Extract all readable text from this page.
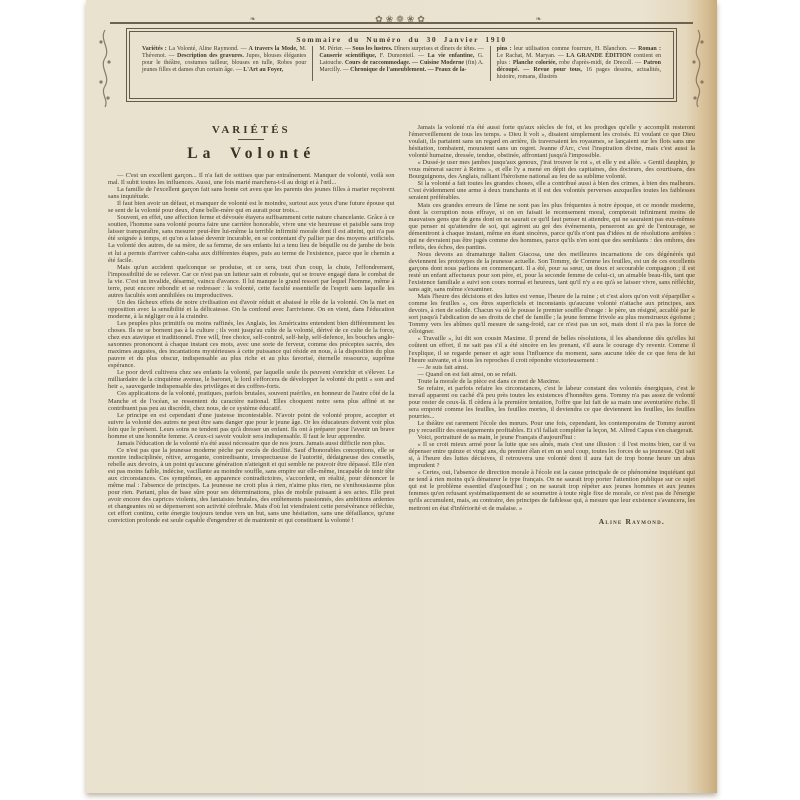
✿❀❁❀✿
❧	❧
Sommaire du Numéro du 30 Janvier 1910
Variétés : La Volonté, Aline Raymond. — A travers la Mode, M. Thévenot. — Description des gravures. Jupes, blouses élégantes pour le théâtre, costumes tailleur, blouses en tulle, Robes pour jeunes filles et dames d'un certain âge. — L'Art au Foyer,
M. Périer. — Sous les lustres. Dîners surprises et dîners de têtes. — Causerie scientifique, F. Dumonteil. — La vie enfantine, G. Latouche. Cours de raccommodage. — Cuisine Moderne (fin) A. Marcilly. — Chronique de l'ameublement. — Peaux de la-
pins : leur utilisation comme fourrure, H. Blanchon. — Roman : Le Rachat, M. Maryan. — LA GRANDE ÉDITION contient en plus : Planche coloriée, robe d'après-midi, de Drecoll. — Patron découpé. — Revue pour tous, 16 pages dessins, actualités, histoire, romans, illustrés
VARIÉTÉS
La Volonté

— C'est un excellent garçon... Il n'a fait de sottises que par entraînement. Manquer de volonté, voilà son mal. Il subit toutes les influences. Aussi, une fois marié marchera-t-il au doigt et à l'œil...

La famille de l'excellent garçon fait sans honte cet aveu que les parents des jeunes filles à marier reçoivent sans inquiétude.

Il faut bien avoir un défaut, et manquer de volonté est le moindre, surtout aux yeux d'une future épouse qui se sent de la volonté pour deux, d'une belle-mère qui en aurait pour trois...

Souvent, en effet, une affection ferme et dévouée étayera suffisamment cette nature chancelante. Grâce à ce soutien, l'homme sans volonté pourra faire une carrière honorable, vivre une vie heureuse et paisible sans trop laisser transparaître, sans mesurer peut-être lui-même la terrible infirmité morale dont il est atteint, qui n'a pas été soignée à temps, et qu'on a laissé devenir incurable, en se contentant d'y pallier par des moyens artificiels. La volonté des autres, de sa mère, de sa femme, de ses enfants lui a tenu lieu de béquille ou de jambe de bois et lui a permis d'arriver cahin-caha aux différentes étapes, puis au terme de l'existence, parce que le chemin a été facile.

Mais qu'un accident quelconque se produise, et ce sera, tout d'un coup, la chute, l'effondrement, l'impossibilité de se relever. Car ce n'est pas un lutteur sain et robuste, qui se trouve engagé dans le combat de la vie. C'est un invalide, désarmé, vaincu d'avance. Il lui manque le grand ressort par lequel l'homme, même à terre, peut encore rebondir et se redresser : la volonté, cette faculté essentielle de l'esprit sans laquelle les autres facultés sont annihilées ou improductives.

Un des fâcheux effets de notre civilisation est d'avoir réduit et abaissé le rôle de la volonté. On la met en opposition avec la sensibilité et la délicatesse. On la confond avec l'arrivisme. On en vient, dans l'éducation moderne, à la négliger ou à la craindre.

Les peuples plus primitifs ou moins raffinés, les Anglais, les Américains entendent bien différemment les choses. Ils ne se bornent pas à la culture ; ils vont jusqu'au culte de la volonté, dérivé de ce culte de la force, chez eux atavique et traditionnel. Free will, free choice, self-control, self-help, self-defence, les bouches anglo-saxonnes prononcent à chaque instant ces mots, avec une sorte de ferveur, comme des préceptes sacrés, des maximes augustes, des incantations mystérieuses à cette puissance qui réside en nous, à la disposition du plus pauvre et du plus obscur, indispensable au plus riche et au plus favorisé, éternelle ressource, suprême espérance.

Le poor devil cultivera chez ses enfants la volonté, par laquelle seule ils peuvent s'enrichir et s'élever. Le milliardaire de la cinquième avenue, le baronet, le lord s'efforcera de développer la volonté du petit « son and heir », sauvegarde indispensable des privilèges et des coffres-forts.

Ces applications de la volonté, pratiques, parfois brutales, souvent puériles, en honneur de l'autre côté de la Manche et de l'océan, se ressentent du caractère national. Elles choquent notre sens plus affiné et ne contribuent pas peu au discrédit, chez nous, de ce système éducatif.

Le principe en est cependant d'une justesse incontestable. N'avoir point de volonté propre, accepter et suivre la volonté des autres ne peut être sans danger que pour le jeune âge. Or les éducateurs doivent voir plus loin que le présent. Leurs soins ne tendent pas qu'à dresser un enfant. Ils ont à préparer pour l'avenir un brave homme et une honnête femme. A ceux-ci savoir vouloir sera indispensable. Il faut le leur apprendre.

Jamais l'éducation de la volonté n'a été aussi nécessaire que de nos jours. Jamais aussi difficile non plus.

Ce n'est pas que la jeunesse moderne pèche par excès de docilité. Sauf d'honorables conceptions, elle se montre indisciplinée, rétive, arrogante, contredisante, irrespectueuse de l'autorité, dédaigneuse des conseils, rebelle aux devoirs, à un point qu'aucune génération n'atteignit et qui semble ne pouvoir être dépassé. Elle n'en est pas moins faible, indécise, vacillante au moindre souffle, sans empire sur elle-même, incapable de tenir tête aux circonstances. Ces symptômes, en apparence contradictoires, s'accordent, en réalité, pour dénoncer le même mal : l'absence de principes. La jeunesse ne croit plus à rien, n'aime plus rien, ne s'enthousiasme plus pour rien. Partant, plus de base sûre pour ses déterminations, plus de mobile puissant à ses actes. Elle peut avoir encore des caprices violents, des fantaisies brutales, des entêtements passionnés, des ambitions ardentes et changeantes où se dépenseront son activité cérébrale. Mais d'où lui viendraient cette persévérance réfléchie, cet effort continu, cette énergie toujours tendue vers un but, sans une hésitation, sans une défaillance, qu'une conviction profonde est seule capable d'engendrer et de maintenir et qui constituent la volonté !

Jamais la volonté n'a été aussi forte qu'aux siècles de foi, et les prodiges qu'elle y accomplit resteront l'émerveillement de tous les temps. « Dieu li volt », disaient simplement les croisés. Et voulant ce que Dieu voulait, ils partaient sans un regard en arrière, ils traversaient les royaumes, se lançaient sur les flots sans une hésitation, tombaient, mouraient sans un regret. Jeanne d'Arc, c'est l'inspiration divine, mais c'est aussi la volonté humaine, dressée, tendue, obstinée, affrontant jusqu'à l'impossible.

« Dussé-je user mes jambes jusqu'aux genoux, j'irai trouver le roi », et elle y est allée. « Gentil dauphin, je vous mènerai sacrer à Reims », et elle l'y a mené en dépit des capitaines, des docteurs, des courtisans, des Bourguignons, des Anglais, ralliant l'héroïsme national au feu de sa sublime volonté.

Si la volonté a fait toutes les grandes choses, elle a contribué aussi à bien des crimes, à bien des malheurs. C'est évidemment une arme à deux tranchants et il est des volontés perverses auxquelles toutes les faiblesses seraient préférables.

Mais ces grandes erreurs de l'âme ne sont pas les plus fréquentes à notre époque, et ce monde moderne, dont la corruption nous effraye, si on en faisait le recensement moral, compterait infiniment moins de mauvaises gens que de gens dont on ne saurait ce qu'il faut penser ni attendre, qui ne sauraient pas eux-mêmes que penser ni qu'attendre de soi, qui agiront au gré des événements, penseront au gré de l'entourage, se démentiront à chaque instant, même en étant sincères, parce qu'ils n'ont pas d'idées ni de résolutions arrêtées : qui ne devraient pas être jugés comme des hommes, parce qu'ils n'en sont que des semblants : des ombres, des reflets, des échos, des pantins.

Nous devons au dramaturge italien Giacosa, une des meilleures incarnations de ces dégénérés qui deviennent les prototypes de la jeunesse actuelle. Son Tommy, de Comme les feuilles, est un de ces excellents garçons dont nous parlions en commençant. Il a été, pour sa sœur, un doux et secourable compagnon ; il est resté un enfant affectueux pour son père, et, pour la seconde femme de celui-ci, un aimable beau-fils, tant que l'existence familiale a suivi son cours normal et heureux, tant qu'il n'y a eu qu'à se laisser vivre, sans réfléchir, sans agir, sans même s'examiner.

Mais l'heure des décisions et des luttes est venue, l'heure de la ruine ; et c'est alors qu'on voit s'éparpiller « comme les feuilles », ces êtres superficiels et inconstants qu'aucune volonté n'attache aux principes, aux devoirs, à rien de solide. Chacun va où le pousse le premier souffle d'orage : le père, un résigné, accablé par le sort jusqu'à l'abdication de ses droits de chef de famille ; la jeune femme frivole au plus monstrueux égoïsme ; Tommy vers les abîmes qu'il mesure de sang-froid, car ce n'est pas un sot, mais dont il n'a pas la force de s'éloigner.

« Travaille », lui dit son cousin Maxime. Il prend de belles résolutions, il les abandonne dès qu'elles lui coûtent un effort, il ne sait pas s'il a été sincère en les prenant, s'il aura le courage d'y revenir. Comme il l'explique, il se regarde penser et agir sous l'influence du moment, sans aucune idée de ce que fera de lui l'heure suivante, et à tous les reproches il croit répondre victorieusement :

— Je suis fait ainsi.

— Quand on est fait ainsi, on se refait.

Toute la morale de la pièce est dans ce mot de Maxime.

Se refaire, et parfois refaire les circonstances, c'est le labeur constant des volontés énergiques, c'est le travail apparent ou caché d'à peu près toutes les existences d'honnêtes gens. Tommy n'a pas assez de volonté pour rester de ceux-là. Il cèdera à la première tentation, l'offre que lui fait de sa main une aventurière riche. Il sera emporté comme les feuilles, les feuilles mortes, il deviendra ce que deviennent les feuilles, les feuilles pourries...

Le théâtre est rarement l'école des mœurs. Pour une fois, cependant, les contemporains de Tommy auront pu y recueillir des enseignements profitables. Et s'il fallait compléter la leçon, M. Alfred Capus s'en chargerait.

Voici, portraituré de sa main, le jeune Français d'aujourd'hui :

« Il se croit mieux armé pour la lutte que ses aînés, mais c'est une illusion : il l'est moins bien, car il va dépenser entre quinze et vingt ans, du premier élan et en un seul coup, toutes les forces de sa jeunesse. Qui sait si, à l'heure des luttes décisives, il retrouvera une volonté dont il aura fait de trop bonne heure un abus imprudent ?

« Certes, oui, l'absence de direction morale à l'école est la cause principale de ce phénomène inquiétant qui ne tend à rien moins qu'à dénaturer le type français. On ne saurait trop porter l'attention publique sur ce sujet qui est le problème essentiel d'aujourd'hui ; on ne saurait trop répéter aux jeunes hommes et aux jeunes femmes qu'en refusant systématiquement de se soumettre à toute règle fixe de morale, ce n'est pas de l'énergie qu'ils accumulent, mais, au contraire, des principes de faiblesse qui, à mesure que leur existence s'avancera, les mettront en état d'infériorité et de malaise. »

Aline Raymond.
